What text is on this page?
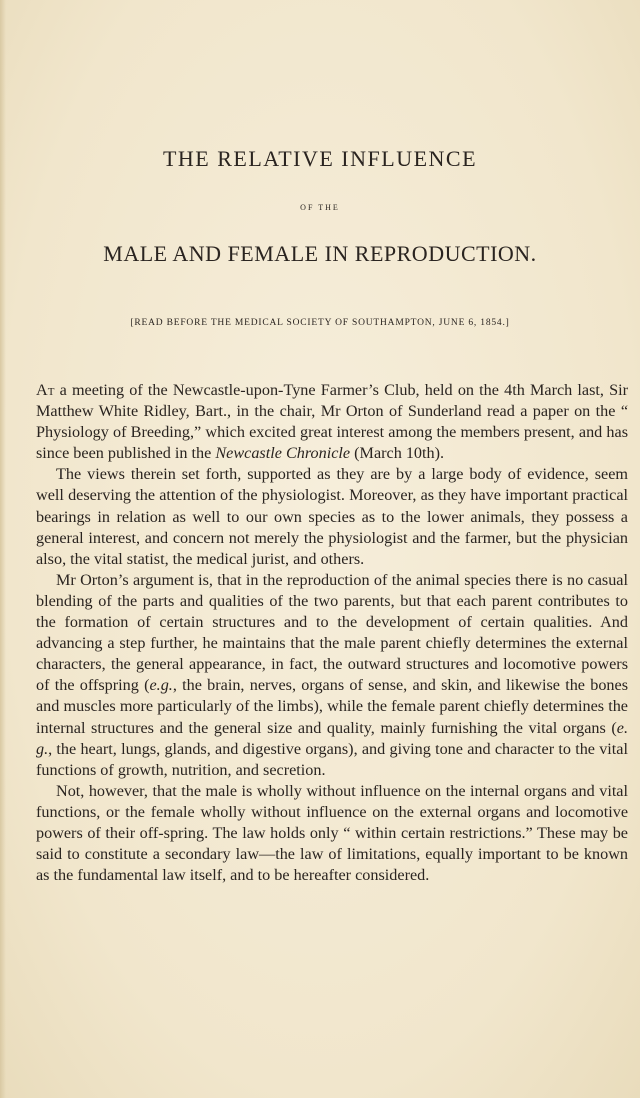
THE RELATIVE INFLUENCE
OF THE
MALE AND FEMALE IN REPRODUCTION.
[READ BEFORE THE MEDICAL SOCIETY OF SOUTHAMPTON, JUNE 6, 1854.]

At a meeting of the Newcastle-upon-Tyne Farmer’s Club, held on the 4th March last, Sir Matthew White Ridley, Bart., in the chair, Mr Orton of Sunderland read a paper on the “ Physiology of Breeding,” which excited great interest among the members present, and has since been published in the Newcastle Chronicle (March 10th).

The views therein set forth, supported as they are by a large body of evidence, seem well deserving the attention of the physiologist. Moreover, as they have important practical bearings in relation as well to our own species as to the lower animals, they possess a general interest, and concern not merely the physiologist and the farmer, but the physician also, the vital statist, the medical jurist, and others.

Mr Orton’s argument is, that in the reproduction of the animal species there is no casual blending of the parts and qualities of the two parents, but that each parent contributes to the formation of certain structures and to the development of certain qualities. And advancing a step further, he maintains that the male parent chiefly determines the external characters, the general appearance, in fact, the outward structures and locomotive powers of the offspring (e.g., the brain, nerves, organs of sense, and skin, and likewise the bones and muscles more particularly of the limbs), while the female parent chiefly determines the internal structures and the general size and quality, mainly furnishing the vital organs (e. g., the heart, lungs, glands, and digestive organs), and giving tone and character to the vital functions of growth, nutrition, and secretion.

Not, however, that the male is wholly without influence on the internal organs and vital functions, or the female wholly without influence on the external organs and locomotive powers of their off-spring. The law holds only “ within certain restrictions.” These may be said to constitute a secondary law—the law of limitations, equally important to be known as the fundamental law itself, and to be hereafter considered.
